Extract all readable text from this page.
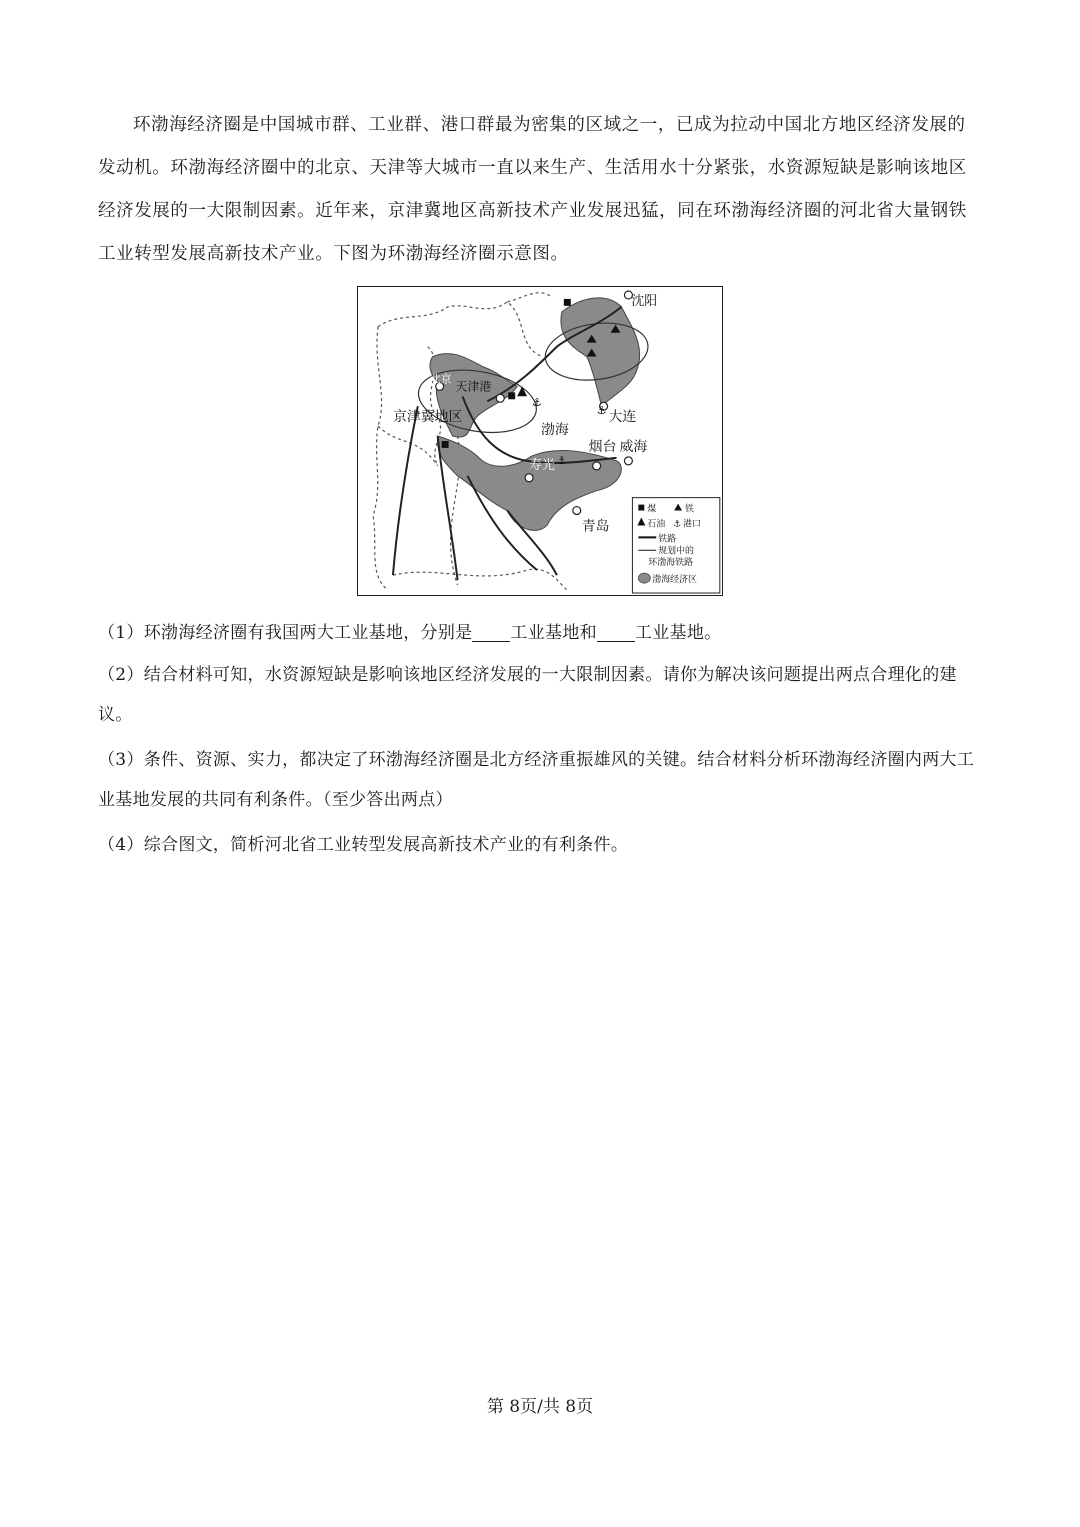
环渤海经济圈是中国城市群、工业群、港口群最为密集的区域之一，已成为拉动中国北方地区经济发展的发动机。环渤海经济圈中的北京、天津等大城市一直以来生产、生活用水十分紧张，水资源短缺是影响该地区经济发展的一大限制因素。近年来，京津冀地区高新技术产业发展迅猛，同在环渤海经济圈的河北省大量钢铁工业转型发展高新技术产业。下图为环渤海经济圈示意图。

⚓
⚓
⚓
沈阳
北京
天津港
京津冀地区	大连
渤海
烟台 威海
寿光
青岛
煤	铁
石油 ⚓ 港口
铁路
规划中的
环渤海铁路
渤海经济区

（1）环渤海经济圈有我国两大工业基地，分别是 工业基地和 工业基地。

（2）结合材料可知，水资源短缺是影响该地区经济发展的一大限制因素。请你为解决该问题提出两点合理化的建议。

（3）条件、资源、实力，都决定了环渤海经济圈是北方经济重振雄风的关键。结合材料分析环渤海经济圈内两大工业基地发展的共同有利条件。（至少答出两点）

（4）综合图文，简析河北省工业转型发展高新技术产业的有利条件。

第 8页/共 8页
